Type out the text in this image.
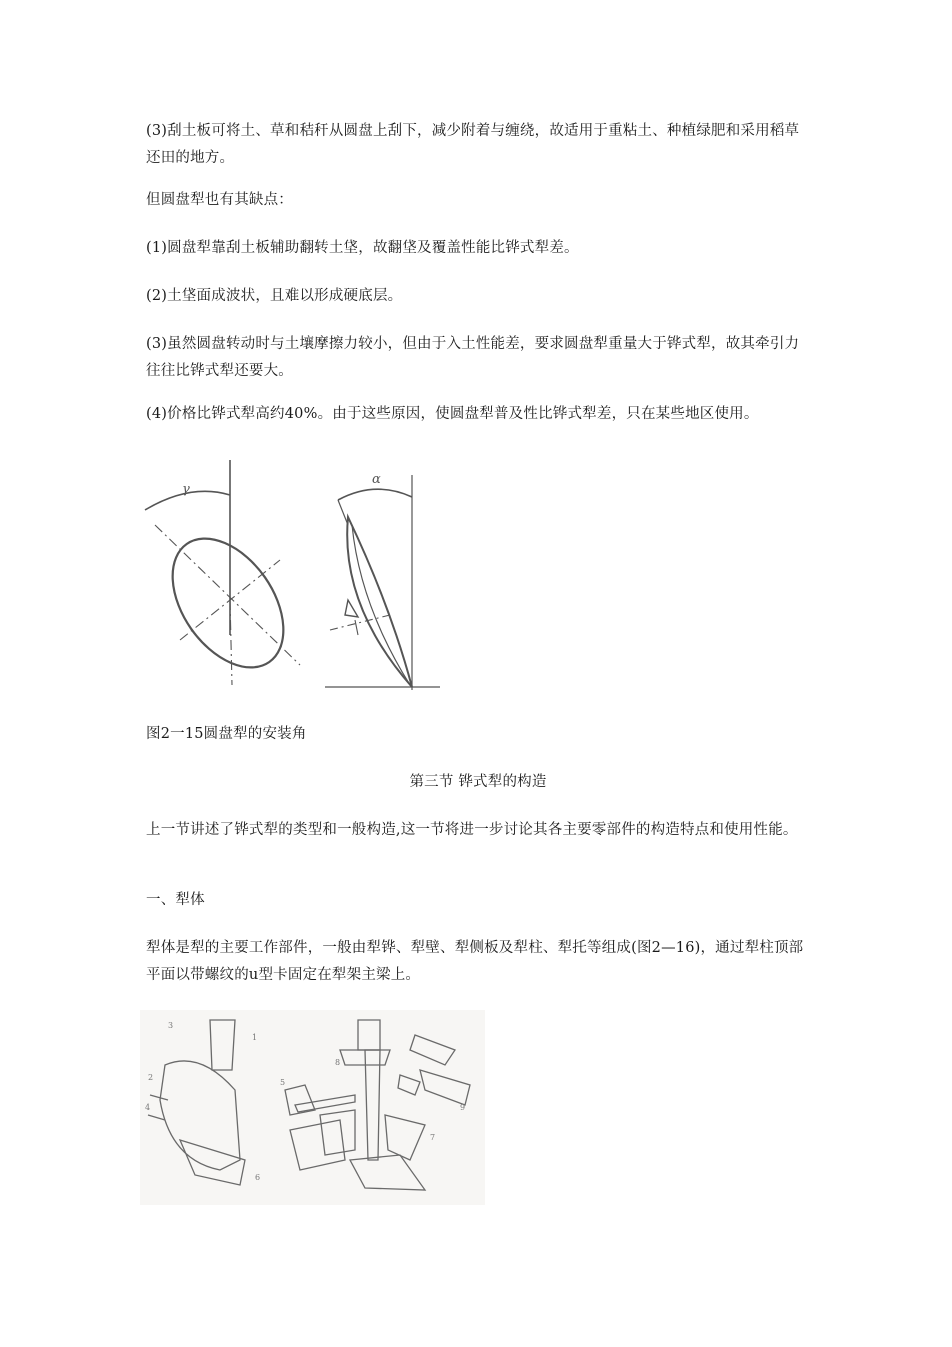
(3)刮土板可将土、草和秸秆从圆盘上刮下，减少附着与缠绕，故适用于重粘土、种植绿肥和采用稻草还田的地方。

但圆盘犁也有其缺点：

(1)圆盘犁靠刮土板辅助翻转土垡，故翻垡及覆盖性能比铧式犁差。

(2)土垡面成波状，且难以形成硬底层。

(3)虽然圆盘转动时与土壤摩擦力较小，但由于入土性能差，要求圆盘犁重量大于铧式犁，故其牵引力往往比铧式犁还要大。

(4)价格比铧式犁高约40%。由于这些原因，使圆盘犁普及性比铧式犁差，只在某些地区使用。

γ
α

图2一15圆盘犁的安装角

第三节 铧式犁的构造

上一节讲述了铧式犁的类型和一般构造,这一节将进一步讨论其各主要零部件的构造特点和使用性能。

一、犁体

犁体是犁的主要工作部件，一般由犁铧、犁壁、犁侧板及犁柱、犁托等组成(图2—16)，通过犁柱顶部平面以带螺纹的u型卡固定在犁架主梁上。

3
1
2
4
6
5
8
9
7
